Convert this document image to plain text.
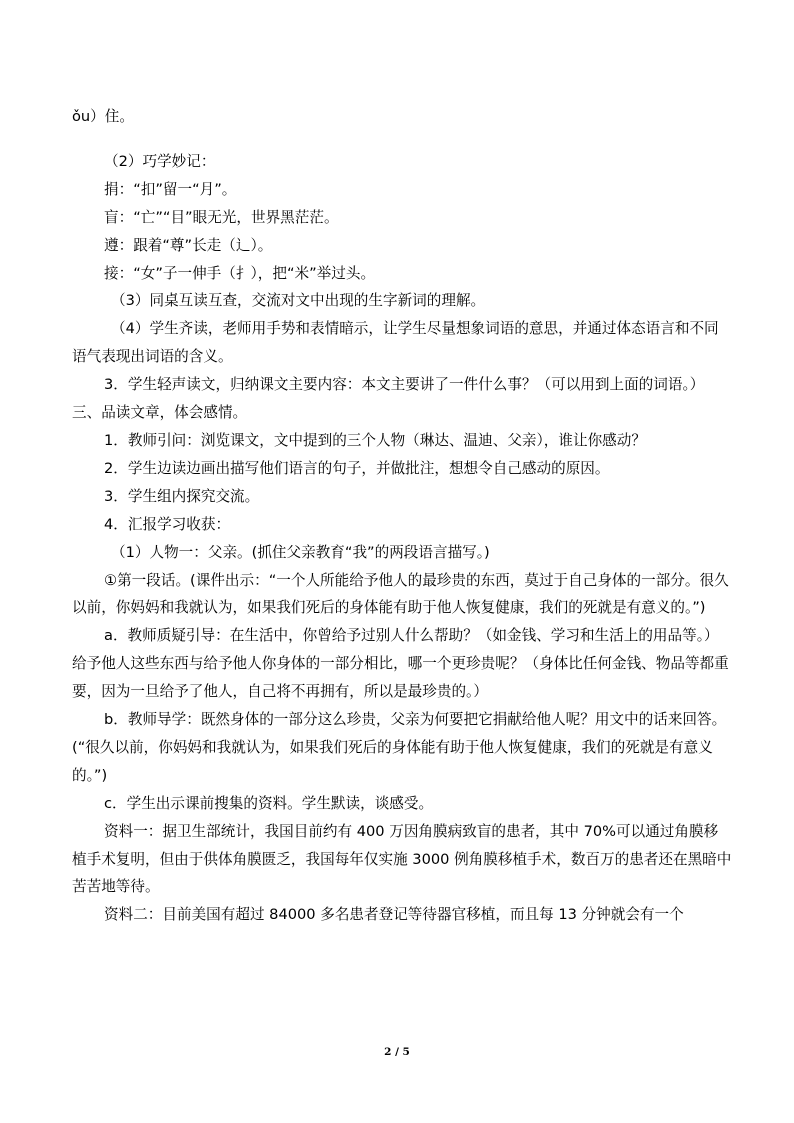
ǒu）住。

（2）巧学妙记：

捐：“扣”留一“月”。

盲：“亡”“目”眼无光，世界黑茫茫。

遵：跟着“尊”长走（辶）。

接：“女”子一伸手（扌），把“米”举过头。

（3）同桌互读互查，交流对文中出现的生字新词的理解。

（4）学生齐读，老师用手势和表情暗示，让学生尽量想象词语的意思，并通过体态语言和不同语气表现出词语的含义。

3．学生轻声读文，归纳课文主要内容：本文主要讲了一件什么事？（可以用到上面的词语。）

三、品读文章，体会感情。

1．教师引问：浏览课文，文中提到的三个人物（琳达、温迪、父亲），谁让你感动？

2．学生边读边画出描写他们语言的句子，并做批注，想想令自己感动的原因。

3．学生组内探究交流。

4．汇报学习收获：

（1）人物一：父亲。(抓住父亲教育“我”的两段语言描写。)

①第一段话。(课件出示：“一个人所能给予他人的最珍贵的东西，莫过于自己身体的一部分。很久以前，你妈妈和我就认为，如果我们死后的身体能有助于他人恢复健康，我们的死就是有意义的。”)

a．教师质疑引导：在生活中，你曾给予过别人什么帮助？（如金钱、学习和生活上的用品等。）给予他人这些东西与给予他人你身体的一部分相比，哪一个更珍贵呢？（身体比任何金钱、物品等都重要，因为一旦给予了他人，自己将不再拥有，所以是最珍贵的。）

b．教师导学：既然身体的一部分这么珍贵，父亲为何要把它捐献给他人呢？用文中的话来回答。(“很久以前，你妈妈和我就认为，如果我们死后的身体能有助于他人恢复健康，我们的死就是有意义的。”)

c．学生出示课前搜集的资料。学生默读，谈感受。

资料一：据卫生部统计，我国目前约有 400 万因角膜病致盲的患者，其中 70%可以通过角膜移植手术复明，但由于供体角膜匮乏，我国每年仅实施 3000 例角膜移植手术，数百万的患者还在黑暗中苦苦地等待。

资料二：目前美国有超过 84000 多名患者登记等待器官移植，而且每 13 分钟就会有一个

2 / 5
